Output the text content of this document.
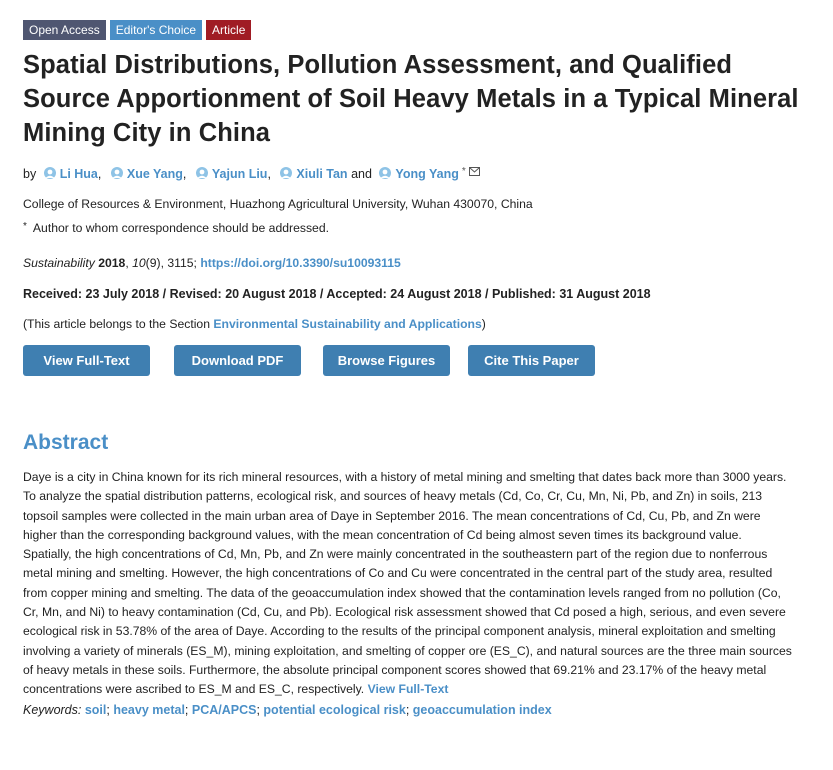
Open Access	Editor's Choice	Article
Spatial Distributions, Pollution Assessment, and Qualified Source Apportionment of Soil Heavy Metals in a Typical Mineral Mining City in China
by Li Hua, Xue Yang, Yajun Liu, Xiuli Tan and Yong Yang *
College of Resources & Environment, Huazhong Agricultural University, Wuhan 430070, China
* Author to whom correspondence should be addressed.
Sustainability 2018, 10(9), 3115; https://doi.org/10.3390/su10093115
Received: 23 July 2018 / Revised: 20 August 2018 / Accepted: 24 August 2018 / Published: 31 August 2018
(This article belongs to the Section Environmental Sustainability and Applications)
View Full-Text	Download PDF	Browse Figures	Cite This Paper
Abstract
Daye is a city in China known for its rich mineral resources, with a history of metal mining and smelting that dates back more than 3000 years. To analyze the spatial distribution patterns, ecological risk, and sources of heavy metals (Cd, Co, Cr, Cu, Mn, Ni, Pb, and Zn) in soils, 213 topsoil samples were collected in the main urban area of Daye in September 2016. The mean concentrations of Cd, Cu, Pb, and Zn were higher than the corresponding background values, with the mean concentration of Cd being almost seven times its background value. Spatially, the high concentrations of Cd, Mn, Pb, and Zn were mainly concentrated in the southeastern part of the region due to nonferrous metal mining and smelting. However, the high concentrations of Co and Cu were concentrated in the central part of the study area, resulted from copper mining and smelting. The data of the geoaccumulation index showed that the contamination levels ranged from no pollution (Co, Cr, Mn, and Ni) to heavy contamination (Cd, Cu, and Pb). Ecological risk assessment showed that Cd posed a high, serious, and even severe ecological risk in 53.78% of the area of Daye. According to the results of the principal component analysis, mineral exploitation and smelting involving a variety of minerals (ES_M), mining exploitation, and smelting of copper ore (ES_C), and natural sources are the three main sources of heavy metals in these soils. Furthermore, the absolute principal component scores showed that 69.21% and 23.17% of the heavy metal concentrations were ascribed to ES_M and ES_C, respectively. View Full-Text
Keywords: soil; heavy metal; PCA/APCS; potential ecological risk; geoaccumulation index
